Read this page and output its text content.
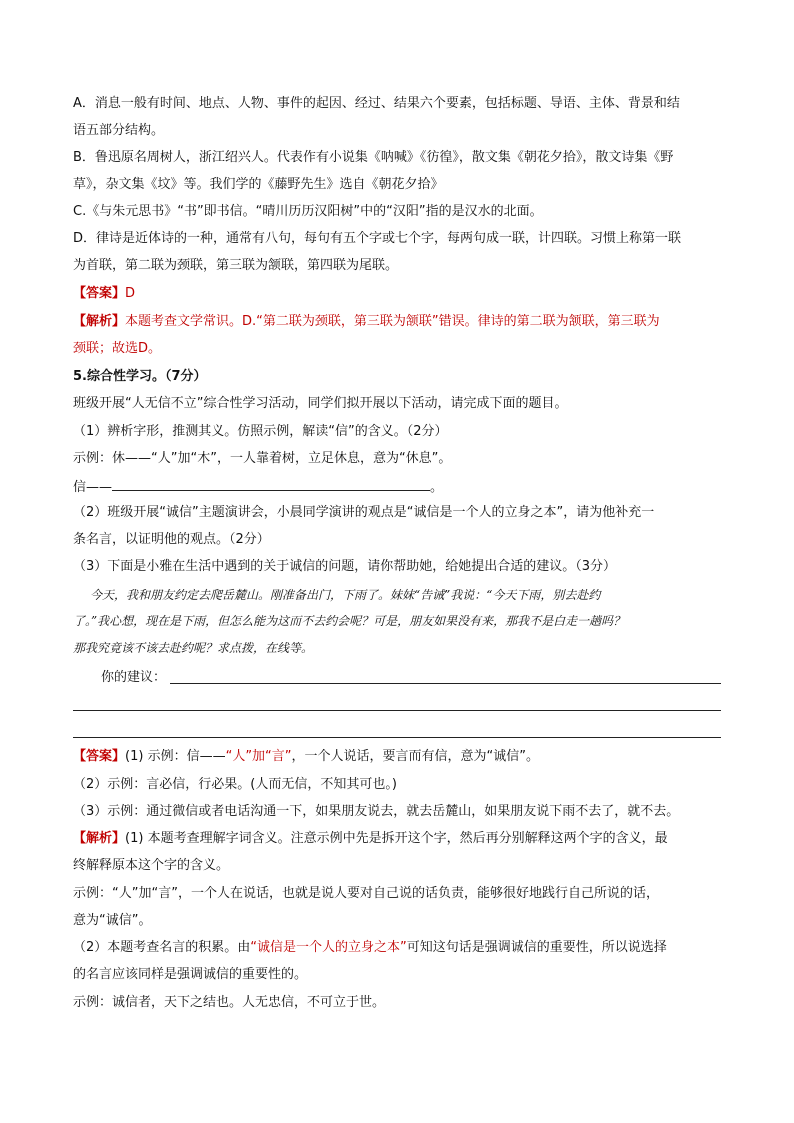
A．消息一般有时间、地点、人物、事件的起因、经过、结果六个要素，包括标题、导语、主体、背景和结
语五部分结构。
B．鲁迅原名周树人，浙江绍兴人。代表作有小说集《呐喊》《彷徨》，散文集《朝花夕拾》，散文诗集《野
草》，杂文集《坟》等。我们学的《藤野先生》选自《朝花夕拾》
C.《与朱元思书》“书”即书信。“晴川历历汉阳树”中的“汉阳”指的是汉水的北面。
D．律诗是近体诗的一种，通常有八句，每句有五个字或七个字，每两句成一联，计四联。习惯上称第一联
为首联，第二联为颈联，第三联为颔联，第四联为尾联。
【答案】D
【解析】本题考查文学常识。D.“第二联为颈联，第三联为颔联”错误。律诗的第二联为颔联，第三联为
颈联；故选D。
5.综合性学习。（7分）
班级开展“人无信不立”综合性学习活动，同学们拟开展以下活动，请完成下面的题目。
（1）辨析字形，推测其义。仿照示例，解读“信”的含义。（2分）
示例：休——“人”加“木”，一人靠着树，立足休息，意为“休息”。
信——	。
（2）班级开展“诚信”主题演讲会，小晨同学演讲的观点是“诚信是一个人的立身之本”，请为他补充一
条名言，以证明他的观点。（2分）
（3）下面是小雅在生活中遇到的关于诚信的问题，请你帮助她，给她提出合适的建议。（3分）
今天，我和朋友约定去爬岳麓山。刚准备出门，下雨了。妹妹“告诫”我说：“今天下雨，别去赴约
了。”我心想，现在是下雨，但怎么能为这而不去约会呢？可是，朋友如果没有来，那我不是白走一趟吗？
那我究竟该不该去赴约呢？求点拨，在线等。
你的建议：
【答案】(1) 示例：信——“人”加“言”，一个人说话，要言而有信，意为“诚信”。
（2）示例：言必信，行必果。(人而无信，不知其可也。)
（3）示例：通过微信或者电话沟通一下，如果朋友说去，就去岳麓山，如果朋友说下雨不去了，就不去。
【解析】(1) 本题考查理解字词含义。注意示例中先是拆开这个字，然后再分别解释这两个字的含义，最
终解释原本这个字的含义。
示例：“人”加“言”，一个人在说话，也就是说人要对自己说的话负责，能够很好地践行自己所说的话，
意为“诚信”。
（2）本题考查名言的积累。由“诚信是一个人的立身之本”可知这句话是强调诚信的重要性，所以说选择
的名言应该同样是强调诚信的重要性的。
示例：诚信者，天下之结也。人无忠信，不可立于世。
